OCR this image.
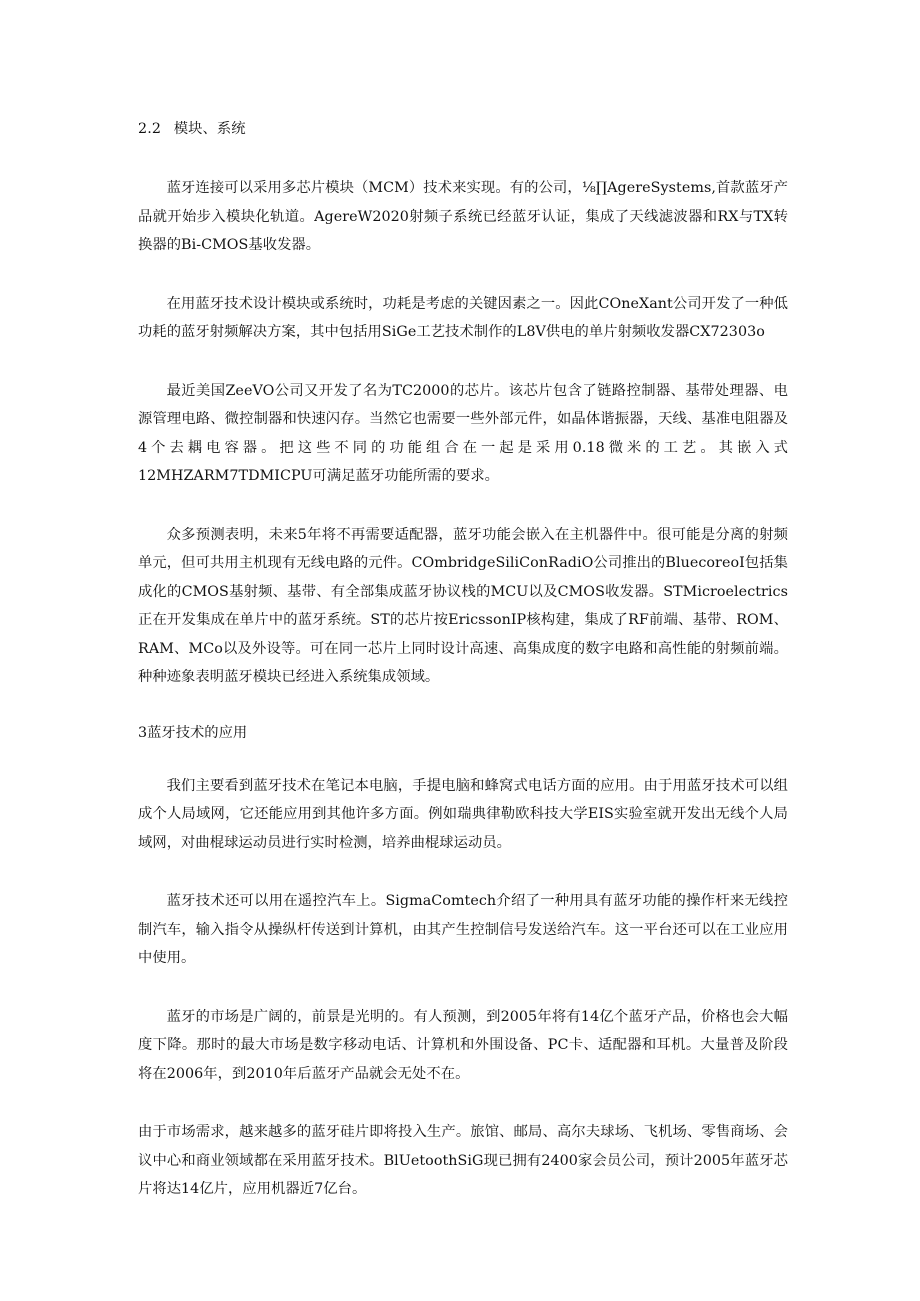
2.2 模块、系统

蓝牙连接可以采用多芯片模块（MCM）技术来实现。有的公司，⅛∏AgereSystems,首款蓝牙产品就开始步入模块化轨道。AgereW2020射频子系统已经蓝牙认证，集成了天线滤波器和RX与TX转换器的Bi-CMOS基收发器。

在用蓝牙技术设计模块或系统时，功耗是考虑的关键因素之一。因此COneXant公司开发了一种低功耗的蓝牙射频解决方案，其中包括用SiGe工艺技术制作的L8V供电的单片射频收发器CX72303o

最近美国ZeeVO公司又开发了名为TC2000的芯片。该芯片包含了链路控制器、基带处理器、电源管理电路、微控制器和快速闪存。当然它也需要一些外部元件，如晶体谐振器，天线、基准电阻器及4个去耦电容器。把这些不同的功能组合在一起是采用0.18微米的工艺。其嵌入式12MHZARM7TDMICPU可满足蓝牙功能所需的要求。

众多预测表明，未来5年将不再需要适配器，蓝牙功能会嵌入在主机器件中。很可能是分离的射频单元，但可共用主机现有无线电路的元件。COmbridgeSiliConRadiO公司推出的BluecoreoI包括集成化的CMOS基射频、基带、有全部集成蓝牙协议栈的MCU以及CMOS收发器。STMicroelectrics正在开发集成在单片中的蓝牙系统。ST的芯片按EricssonIP核构建，集成了RF前端、基带、ROM、RAM、MCo以及外设等。可在同一芯片上同时设计高速、高集成度的数字电路和高性能的射频前端。种种迹象表明蓝牙模块已经进入系统集成领域。

3蓝牙技术的应用

我们主要看到蓝牙技术在笔记本电脑，手提电脑和蜂窝式电话方面的应用。由于用蓝牙技术可以组成个人局域网，它还能应用到其他许多方面。例如瑞典律勒欧科技大学EIS实验室就开发出无线个人局域网，对曲棍球运动员进行实时检测，培养曲棍球运动员。

蓝牙技术还可以用在遥控汽车上。SigmaComtech介绍了一种用具有蓝牙功能的操作杆来无线控制汽车，输入指令从操纵杆传送到计算机，由其产生控制信号发送给汽车。这一平台还可以在工业应用中使用。

蓝牙的市场是广阔的，前景是光明的。有人预测，到2005年将有14亿个蓝牙产品，价格也会大幅度下降。那时的最大市场是数字移动电话、计算机和外围设备、PC卡、适配器和耳机。大量普及阶段将在2006年，到2010年后蓝牙产品就会无处不在。

由于市场需求，越来越多的蓝牙硅片即将投入生产。旅馆、邮局、高尔夫球场、飞机场、零售商场、会议中心和商业领域都在采用蓝牙技术。BlUetoothSiG现已拥有2400家会员公司，预计2005年蓝牙芯片将达14亿片，应用机器近7亿台。
